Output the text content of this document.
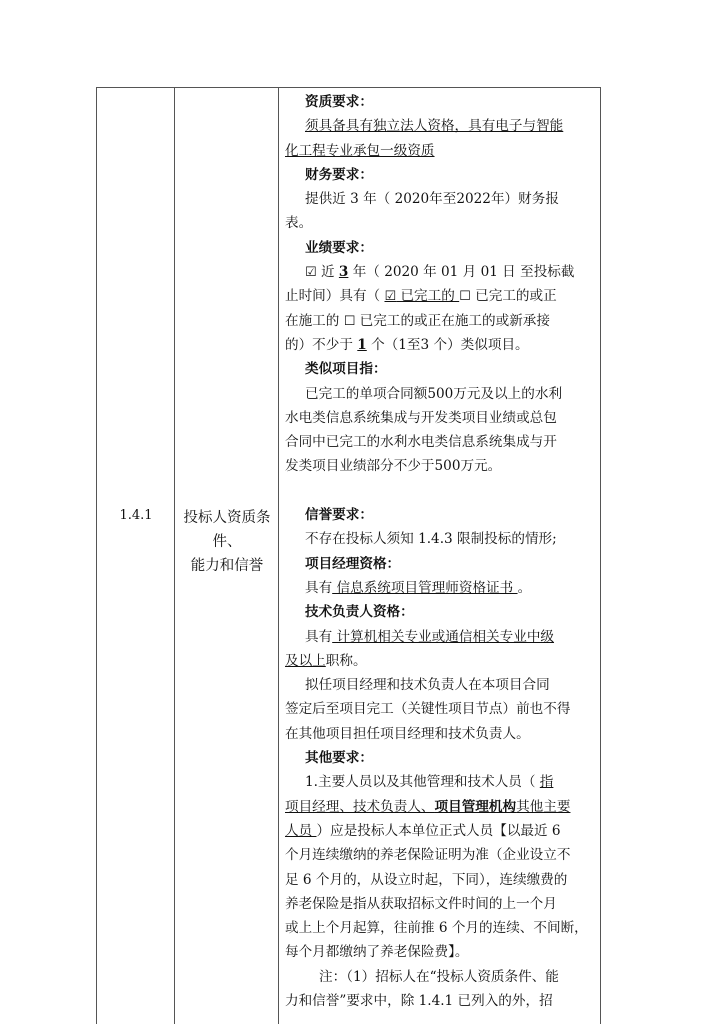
1.4.1	投标人资质条
件、
能力和信誉
资质要求：
须具备具有独立法人资格，具有电子与智能
化工程专业承包一级资质
财务要求：
提供近 3 年（ 2020年至2022年）财务报
表。
业绩要求：
☑ 近 3 年（ 2020 年 01 月 01 日 至投标截
止时间）具有（ ☑ 已完工的 ☐ 已完工的或正
在施工的 ☐ 已完工的或正在施工的或新承接
的）不少于 1 个（1至3 个）类似项目。
类似项目指：
已完工的单项合同额500万元及以上的水利
水电类信息系统集成与开发类项目业绩或总包
合同中已完工的水利水电类信息系统集成与开
发类项目业绩部分不少于500万元。
信誉要求：
不存在投标人须知 1.4.3 限制投标的情形;
项目经理资格：
具有 信息系统项目管理师资格证书 。
技术负责人资格：
具有 计算机相关专业或通信相关专业中级
及以上职称。
拟任项目经理和技术负责人在本项目合同
签定后至项目完工（关键性项目节点）前也不得
在其他项目担任项目经理和技术负责人。
其他要求：
1.主要人员以及其他管理和技术人员（ 指
项目经理、技术负责人、项目管理机构其他主要
人员 ）应是投标人本单位正式人员【以最近 6
个月连续缴纳的养老保险证明为准（企业设立不
足 6 个月的，从设立时起，下同），连续缴费的
养老保险是指从获取招标文件时间的上一个月
或上上个月起算，往前推 6 个月的连续、不间断，
每个月都缴纳了养老保险费】。
注：（1）招标人在“投标人资质条件、能
力和信誉”要求中，除 1.4.1 已列入的外，招
